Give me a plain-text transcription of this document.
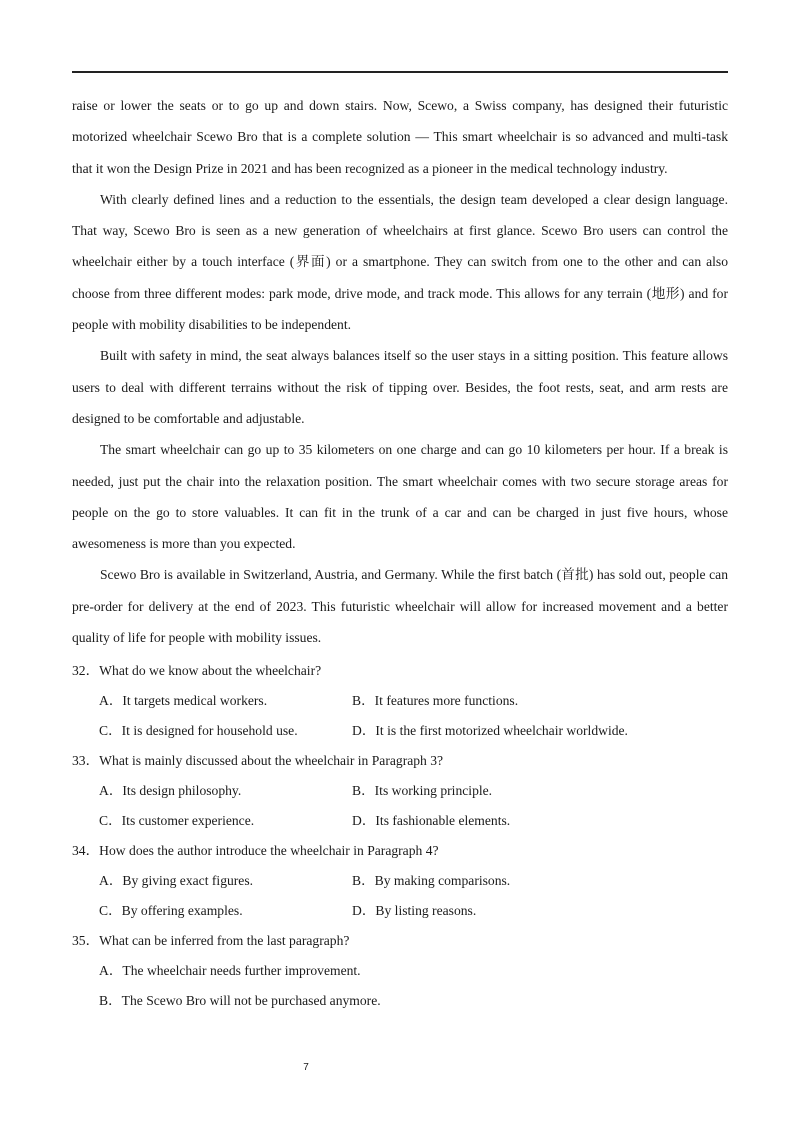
raise or lower the seats or to go up and down stairs. Now, Scewo, a Swiss company, has designed their futuristic motorized wheelchair Scewo Bro that is a complete solution — This smart wheelchair is so advanced and multi-task that it won the Design Prize in 2021 and has been recognized as a pioneer in the medical technology industry.

With clearly defined lines and a reduction to the essentials, the design team developed a clear design language. That way, Scewo Bro is seen as a new generation of wheelchairs at first glance. Scewo Bro users can control the wheelchair either by a touch interface (界面) or a smartphone. They can switch from one to the other and can also choose from three different modes: park mode, drive mode, and track mode. This allows for any terrain (地形) and for people with mobility disabilities to be independent.

Built with safety in mind, the seat always balances itself so the user stays in a sitting position. This feature allows users to deal with different terrains without the risk of tipping over. Besides, the foot rests, seat, and arm rests are designed to be comfortable and adjustable.

The smart wheelchair can go up to 35 kilometers on one charge and can go 10 kilometers per hour. If a break is needed, just put the chair into the relaxation position. The smart wheelchair comes with two secure storage areas for people on the go to store valuables. It can fit in the trunk of a car and can be charged in just five hours, whose awesomeness is more than you expected.

Scewo Bro is available in Switzerland, Austria, and Germany. While the first batch (首批) has sold out, people can pre-order for delivery at the end of 2023. This futuristic wheelchair will allow for increased movement and a better quality of life for people with mobility issues.

32．What do we know about the wheelchair?
A．It targets medical workers.	B．It features more functions.
C．It is designed for household use.	D．It is the first motorized wheelchair worldwide.
33．What is mainly discussed about the wheelchair in Paragraph 3?
A．Its design philosophy.	B．Its working principle.
C．Its customer experience.	D．Its fashionable elements.
34．How does the author introduce the wheelchair in Paragraph 4?
A．By giving exact figures.	B．By making comparisons.
C．By offering examples.	D．By listing reasons.
35．What can be inferred from the last paragraph?
A．The wheelchair needs further improvement.
B．The Scewo Bro will not be purchased anymore.
7
